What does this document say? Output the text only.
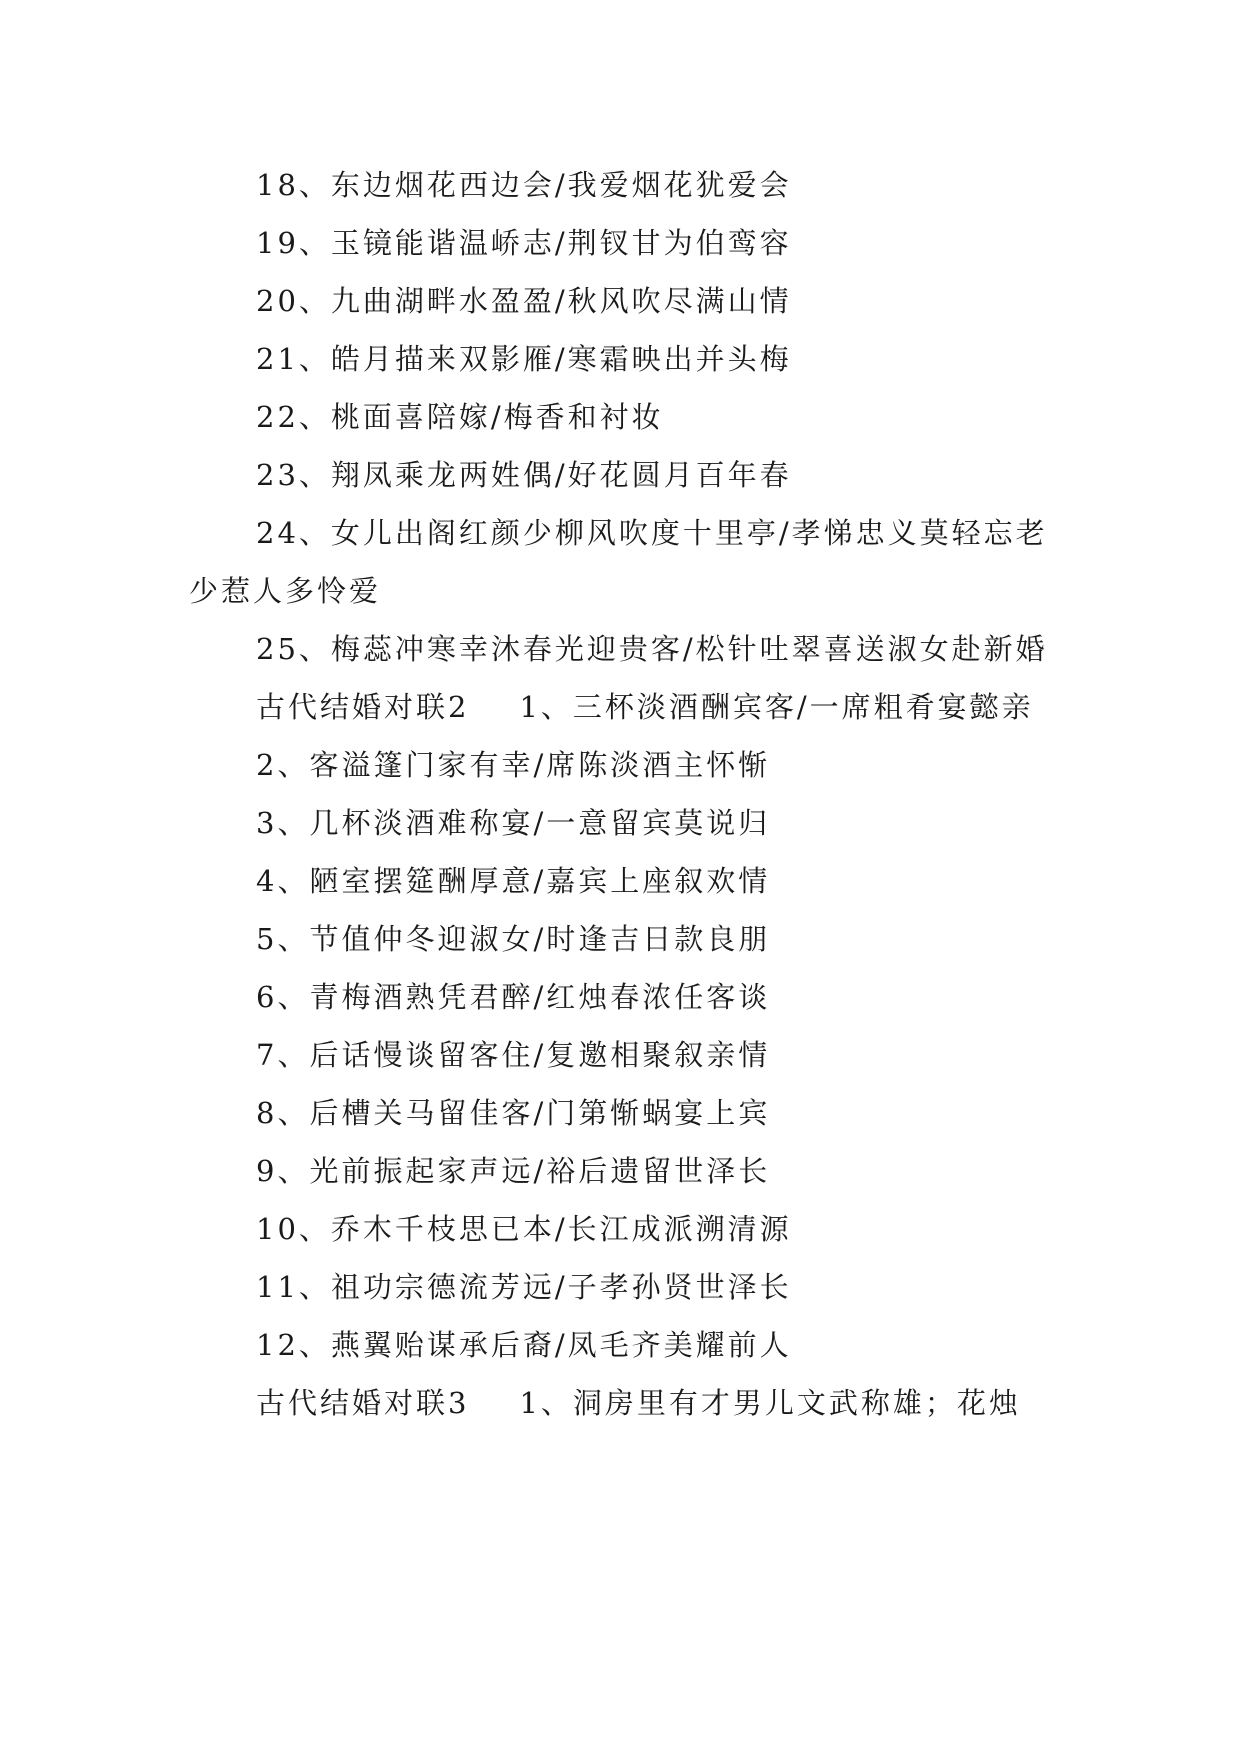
18、东边烟花西边会/我爱烟花犹爱会

19、玉镜能谐温峤志/荆钗甘为伯鸾容

20、九曲湖畔水盈盈/秋风吹尽满山情

21、皓月描来双影雁/寒霜映出并头梅

22、桃面喜陪嫁/梅香和衬妆

23、翔凤乘龙两姓偶/好花圆月百年春

24、女儿出阁红颜少柳风吹度十里亭/孝悌忠义莫轻忘老少惹人多怜爱

25、梅蕊冲寒幸沐春光迎贵客/松针吐翠喜送淑女赴新婚

古代结婚对联2 1、三杯淡酒酬宾客/一席粗肴宴懿亲

2、客溢篷门家有幸/席陈淡酒主怀惭

3、几杯淡酒难称宴/一意留宾莫说归

4、陋室摆筵酬厚意/嘉宾上座叙欢情

5、节值仲冬迎淑女/时逢吉日款良朋

6、青梅酒熟凭君醉/红烛春浓任客谈

7、后话慢谈留客住/复邀相聚叙亲情

8、后槽关马留佳客/门第惭蜗宴上宾

9、光前振起家声远/裕后遗留世泽长

10、乔木千枝思已本/长江成派溯清源

11、祖功宗德流芳远/子孝孙贤世泽长

12、燕翼贻谋承后裔/凤毛齐美耀前人

古代结婚对联3 1、洞房里有才男儿文武称雄；花烛
